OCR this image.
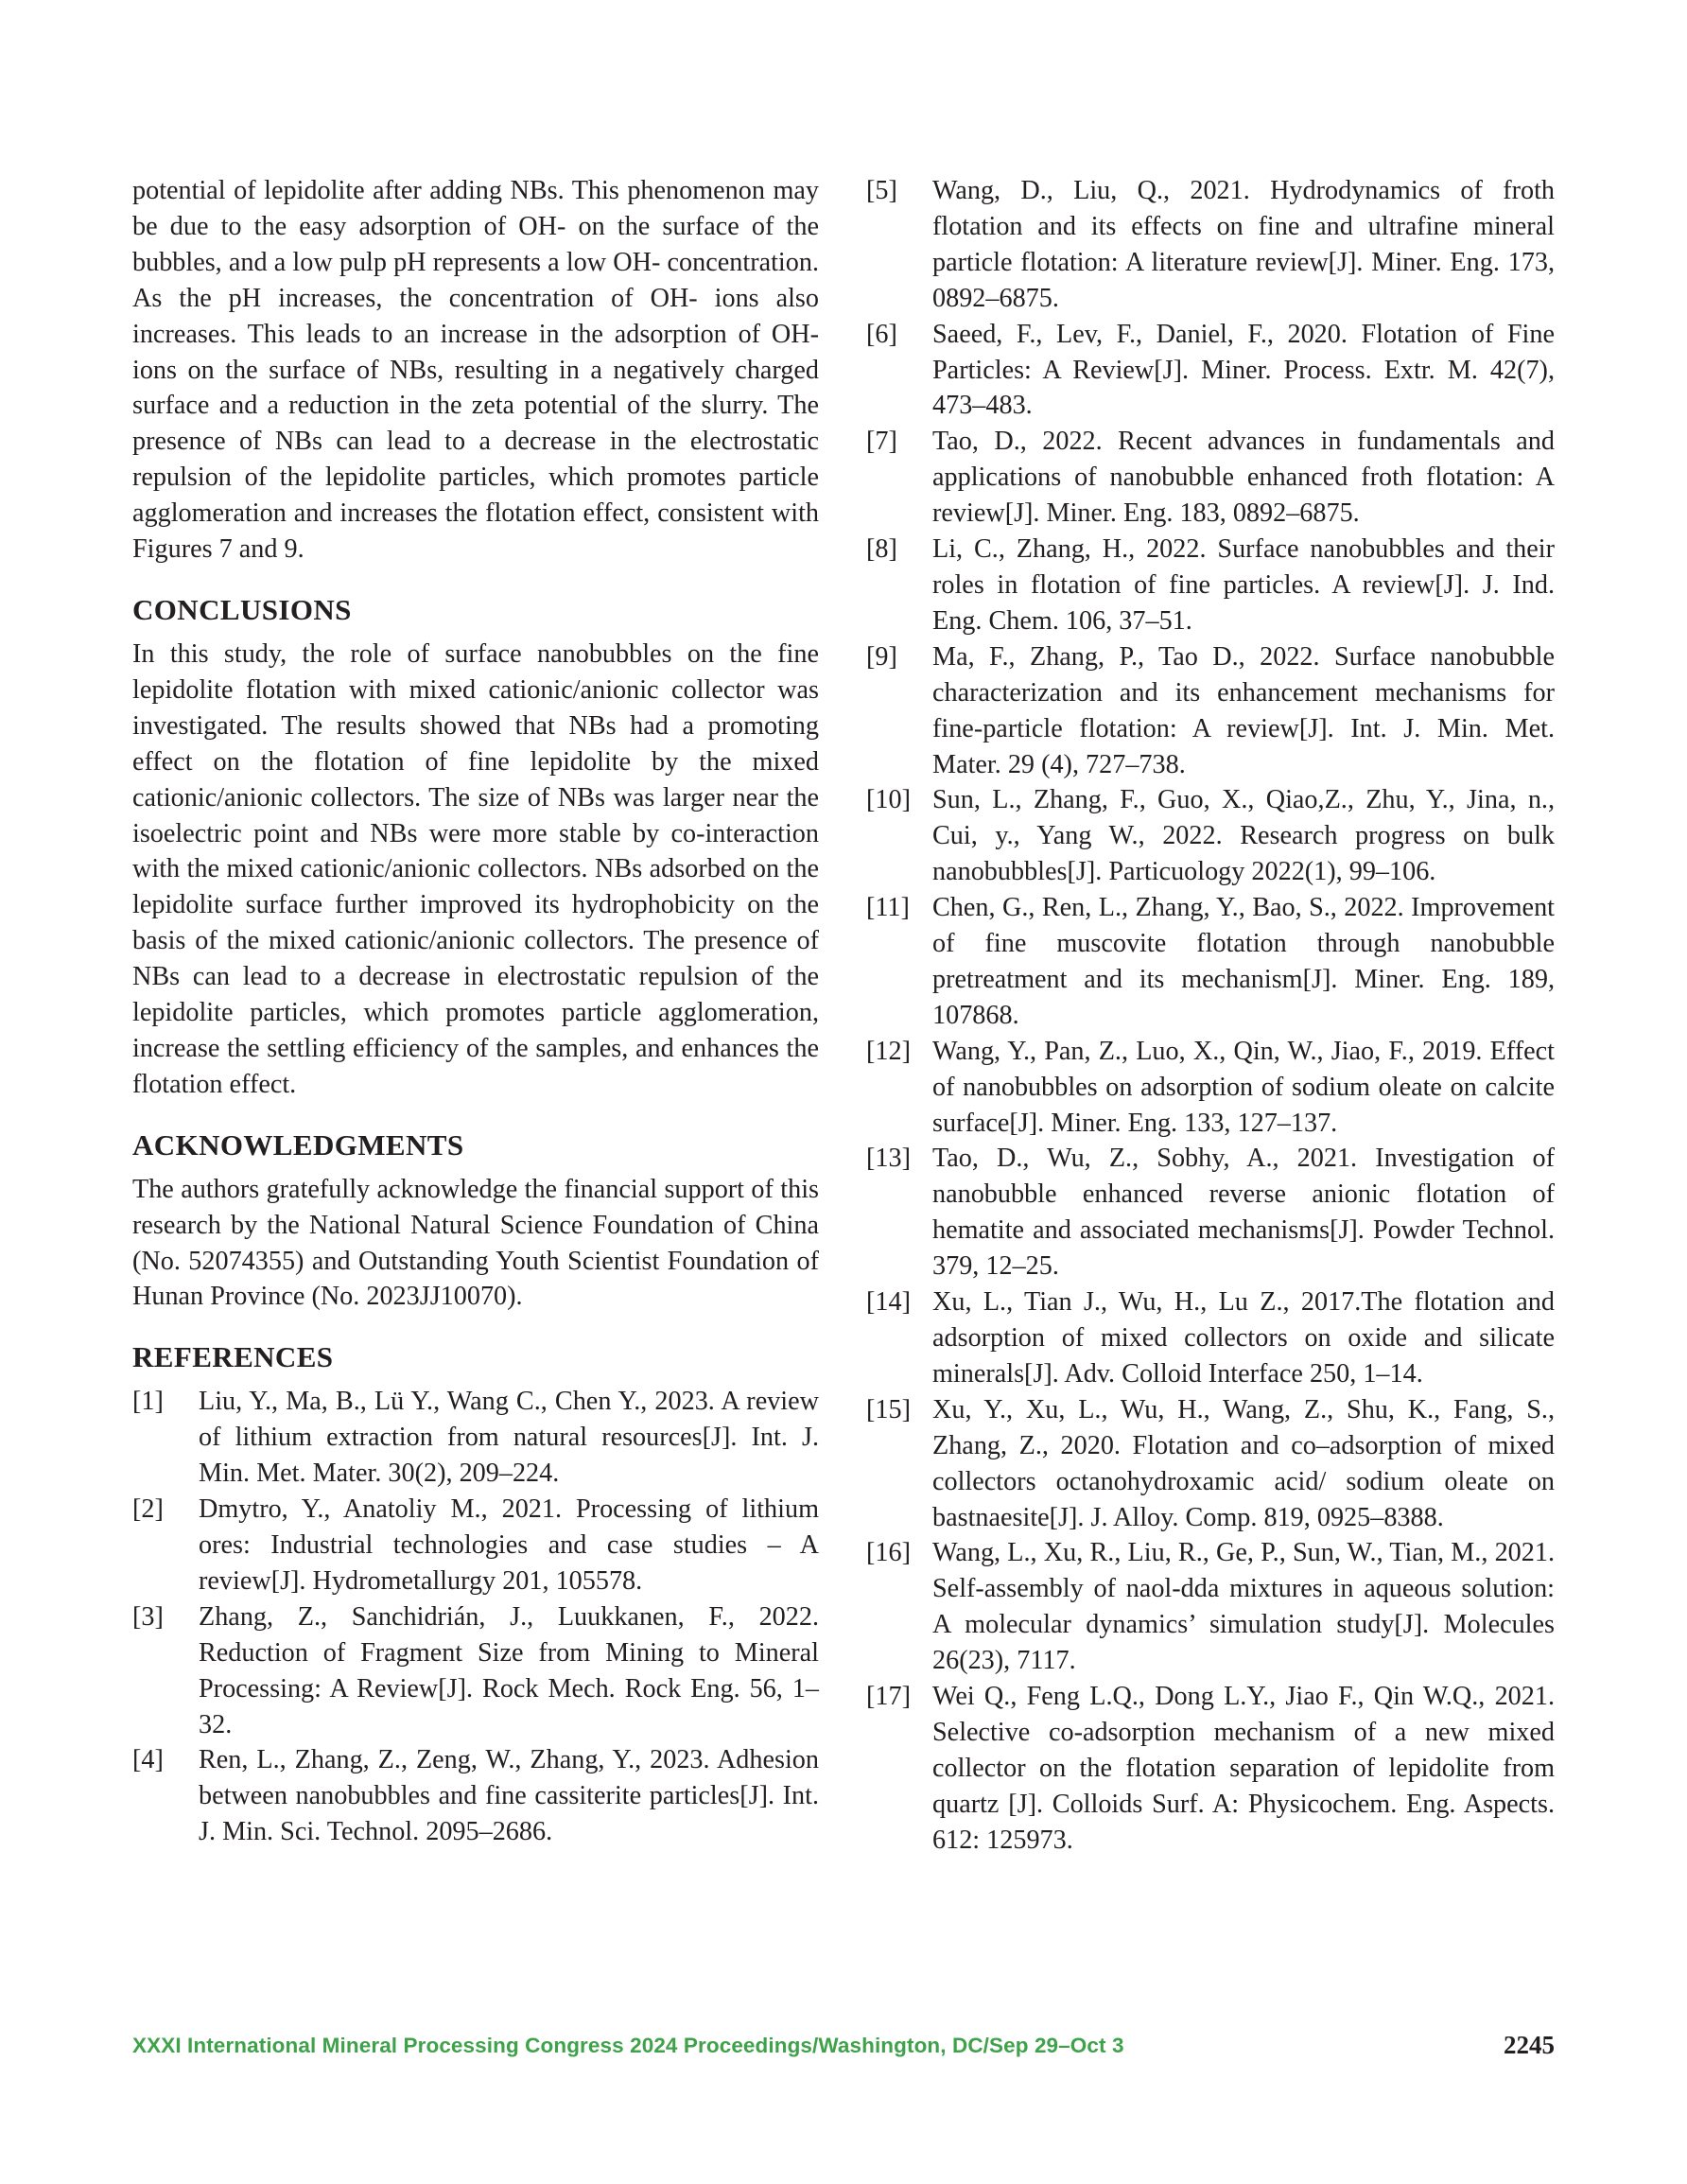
potential of lepidolite after adding NBs. This phenomenon may be due to the easy adsorption of OH- on the surface of the bubbles, and a low pulp pH represents a low OH- concentration. As the pH increases, the concentration of OH- ions also increases. This leads to an increase in the adsorption of OH- ions on the surface of NBs, resulting in a negatively charged surface and a reduction in the zeta potential of the slurry. The presence of NBs can lead to a decrease in the electrostatic repulsion of the lepidolite particles, which promotes particle agglomeration and increases the flotation effect, consistent with Figures 7 and 9.

CONCLUSIONS

In this study, the role of surface nanobubbles on the fine lepidolite flotation with mixed cationic/anionic collector was investigated. The results showed that NBs had a promoting effect on the flotation of fine lepidolite by the mixed cationic/anionic collectors. The size of NBs was larger near the isoelectric point and NBs were more stable by co-interaction with the mixed cationic/anionic collectors. NBs adsorbed on the lepidolite surface further improved its hydrophobicity on the basis of the mixed cationic/anionic collectors. The presence of NBs can lead to a decrease in electrostatic repulsion of the lepidolite particles, which promotes particle agglomeration, increase the settling efficiency of the samples, and enhances the flotation effect.

ACKNOWLEDGMENTS

The authors gratefully acknowledge the financial support of this research by the National Natural Science Foundation of China (No. 52074355) and Outstanding Youth Scientist Foundation of Hunan Province (No. 2023JJ10070).

REFERENCES
[1] Liu, Y., Ma, B., Lü Y., Wang C., Chen Y., 2023. A review of lithium extraction from natural resources[J]. Int. J. Min. Met. Mater. 30(2), 209–224.
[2] Dmytro, Y., Anatoliy M., 2021. Processing of lithium ores: Industrial technologies and case studies – A review[J]. Hydrometallurgy 201, 105578.
[3] Zhang, Z., Sanchidrián, J., Luukkanen, F., 2022. Reduction of Fragment Size from Mining to Mineral Processing: A Review[J]. Rock Mech. Rock Eng. 56, 1–32.
[4] Ren, L., Zhang, Z., Zeng, W., Zhang, Y., 2023. Adhesion between nanobubbles and fine cassiterite particles[J]. Int. J. Min. Sci. Technol. 2095–2686.
[5] Wang, D., Liu, Q., 2021. Hydrodynamics of froth flotation and its effects on fine and ultrafine mineral particle flotation: A literature review[J]. Miner. Eng. 173, 0892–6875.
[6] Saeed, F., Lev, F., Daniel, F., 2020. Flotation of Fine Particles: A Review[J]. Miner. Process. Extr. M. 42(7), 473–483.
[7] Tao, D., 2022. Recent advances in fundamentals and applications of nanobubble enhanced froth flotation: A review[J]. Miner. Eng. 183, 0892–6875.
[8] Li, C., Zhang, H., 2022. Surface nanobubbles and their roles in flotation of fine particles. A review[J]. J. Ind. Eng. Chem. 106, 37–51.
[9] Ma, F., Zhang, P., Tao D., 2022. Surface nanobubble characterization and its enhancement mechanisms for fine-particle flotation: A review[J]. Int. J. Min. Met. Mater. 29 (4), 727–738.
[10] Sun, L., Zhang, F., Guo, X., Qiao,Z., Zhu, Y., Jina, n., Cui, y., Yang W., 2022. Research progress on bulk nanobubbles[J]. Particuology 2022(1), 99–106.
[11] Chen, G., Ren, L., Zhang, Y., Bao, S., 2022. Improvement of fine muscovite flotation through nanobubble pretreatment and its mechanism[J]. Miner. Eng. 189, 107868.
[12] Wang, Y., Pan, Z., Luo, X., Qin, W., Jiao, F., 2019. Effect of nanobubbles on adsorption of sodium oleate on calcite surface[J]. Miner. Eng. 133, 127–137.
[13] Tao, D., Wu, Z., Sobhy, A., 2021. Investigation of nanobubble enhanced reverse anionic flotation of hematite and associated mechanisms[J]. Powder Technol. 379, 12–25.
[14] Xu, L., Tian J., Wu, H., Lu Z., 2017.The flotation and adsorption of mixed collectors on oxide and silicate minerals[J]. Adv. Colloid Interface 250, 1–14.
[15] Xu, Y., Xu, L., Wu, H., Wang, Z., Shu, K., Fang, S., Zhang, Z., 2020. Flotation and co–adsorption of mixed collectors octanohydroxamic acid/ sodium oleate on bastnaesite[J]. J. Alloy. Comp. 819, 0925–8388.
[16] Wang, L., Xu, R., Liu, R., Ge, P., Sun, W., Tian, M., 2021. Self-assembly of naol-dda mixtures in aqueous solution: A molecular dynamics’ simulation study[J]. Molecules 26(23), 7117.
[17] Wei Q., Feng L.Q., Dong L.Y., Jiao F., Qin W.Q., 2021. Selective co-adsorption mechanism of a new mixed collector on the flotation separation of lepidolite from quartz [J]. Colloids Surf. A: Physicochem. Eng. Aspects. 612: 125973.
XXXI International Mineral Processing Congress 2024 Proceedings/Washington, DC/Sep 29–Oct 3	2245
